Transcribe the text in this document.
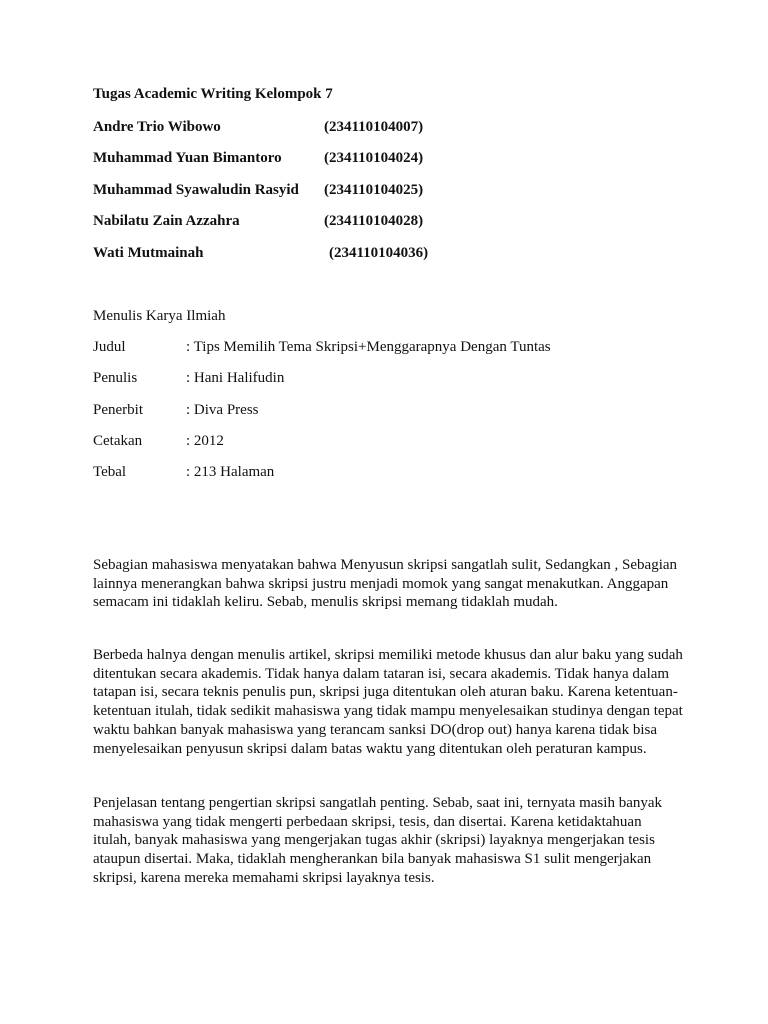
Tugas Academic Writing Kelompok 7
Andre Trio Wibowo	(234110104007)
Muhammad Yuan Bimantoro	(234110104024)
Muhammad Syawaludin Rasyid (234110104025)
Nabilatu Zain Azzahra	(234110104028)
Wati Mutmainah	(234110104036)
Menulis Karya Ilmiah
Judul	: Tips Memilih Tema Skripsi+Menggarapnya Dengan Tuntas
Penulis	: Hani Halifudin
Penerbit	: Diva Press
Cetakan	: 2012
Tebal	: 213 Halaman

Sebagian mahasiswa menyatakan bahwa Menyusun skripsi sangatlah sulit, Sedangkan , Sebagian lainnya menerangkan bahwa skripsi justru menjadi momok yang sangat menakutkan. Anggapan semacam ini tidaklah keliru. Sebab, menulis skripsi memang tidaklah mudah.

Berbeda halnya dengan menulis artikel, skripsi memiliki metode khusus dan alur baku yang sudah ditentukan secara akademis. Tidak hanya dalam tataran isi, secara akademis. Tidak hanya dalam tatapan isi, secara teknis penulis pun, skripsi juga ditentukan oleh aturan baku. Karena ketentuan-ketentuan itulah, tidak sedikit mahasiswa yang tidak mampu menyelesaikan studinya dengan tepat waktu bahkan banyak mahasiswa yang terancam sanksi DO(drop out) hanya karena tidak bisa menyelesaikan penyusun skripsi dalam batas waktu yang ditentukan oleh peraturan kampus.

Penjelasan tentang pengertian skripsi sangatlah penting. Sebab, saat ini, ternyata masih banyak mahasiswa yang tidak mengerti perbedaan skripsi, tesis, dan disertai. Karena ketidaktahuan itulah, banyak mahasiswa yang mengerjakan tugas akhir (skripsi) layaknya mengerjakan tesis ataupun disertai. Maka, tidaklah mengherankan bila banyak mahasiswa S1 sulit mengerjakan skripsi, karena mereka memahami skripsi layaknya tesis.
